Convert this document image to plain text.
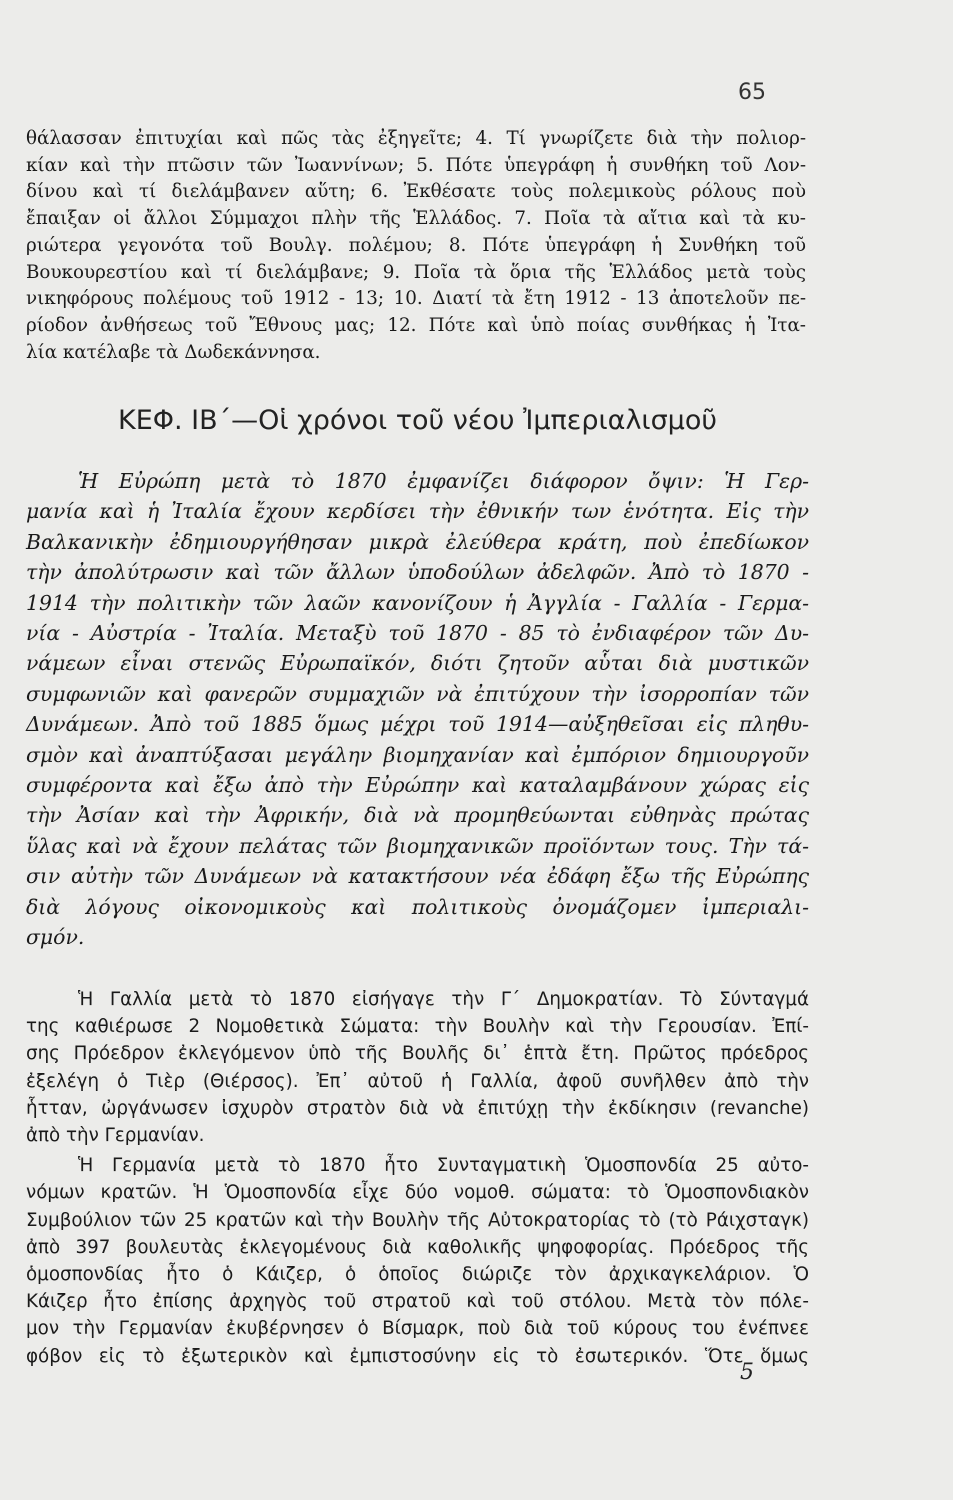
65
θάλασσαν ἐπιτυχίαι καὶ πῶς τὰς ἐξηγεῖτε; 4. Τί γνωρίζετε διὰ τὴν πολιορ-
κίαν καὶ τὴν πτῶσιν τῶν Ἰωαννίνων; 5. Πότε ὑπεγράφη ἡ συνθήκη τοῦ Λον-
δίνου καὶ τί διελάμβανεν αὕτη; 6. Ἐκθέσατε τοὺς πολεμικοὺς ρόλους ποὺ
ἔπαιξαν οἱ ἄλλοι Σύμμαχοι πλὴν τῆς Ἑλλάδος. 7. Ποῖα τὰ αἴτια καὶ τὰ κυ-
ριώτερα γεγονότα τοῦ Βουλγ. πολέμου; 8. Πότε ὑπεγράφη ἡ Συνθήκη τοῦ
Βουκουρεστίου καὶ τί διελάμβανε; 9. Ποῖα τὰ ὅρια τῆς Ἑλλάδος μετὰ τοὺς
νικηφόρους πολέμους τοῦ 1912 - 13; 10. Διατί τὰ ἔτη 1912 - 13 ἀποτελοῦν πε-
ρίοδον ἀνθήσεως τοῦ Ἔθνους μας; 12. Πότε καὶ ὑπὸ ποίας συνθήκας ἡ Ἰτα-
λία κατέλαβε τὰ Δωδεκάννησα.
ΚΕΦ. ΙΒ΄—Οἱ χρόνοι τοῦ νέου Ἰμπεριαλισμοῦ
Ἡ Εὐρώπη μετὰ τὸ 1870 ἐμφανίζει διάφορον ὄψιν: Ἡ Γερ-
μανία καὶ ἡ Ἰταλία ἔχουν κερδίσει τὴν ἐθνικήν των ἑνότητα. Εἰς τὴν
Βαλκανικὴν ἐδημιουργήθησαν μικρὰ ἐλεύθερα κράτη, ποὺ ἐπεδίωκον
τὴν ἀπολύτρωσιν καὶ τῶν ἄλλων ὑποδούλων ἀδελφῶν. Ἀπὸ τὸ 1870 -
1914 τὴν πολιτικὴν τῶν λαῶν κανονίζουν ἡ Ἀγγλία - Γαλλία - Γερμα-
νία - Αὐστρία - Ἰταλία. Μεταξὺ τοῦ 1870 - 85 τὸ ἐνδιαφέρον τῶν Δυ-
νάμεων εἶναι στενῶς Εὐρωπαϊκόν, διότι ζητοῦν αὗται διὰ μυστικῶν
συμφωνιῶν καὶ φανερῶν συμμαχιῶν νὰ ἐπιτύχουν τὴν ἰσορροπίαν τῶν
Δυνάμεων. Ἀπὸ τοῦ 1885 ὅμως μέχρι τοῦ 1914—αὐξηθεῖσαι εἰς πληθυ-
σμὸν καὶ ἀναπτύξασαι μεγάλην βιομηχανίαν καὶ ἐμπόριον δημιουργοῦν
συμφέροντα καὶ ἔξω ἀπὸ τὴν Εὐρώπην καὶ καταλαμβάνουν χώρας εἰς
τὴν Ἀσίαν καὶ τὴν Ἀφρικήν, διὰ νὰ προμηθεύωνται εὐθηνὰς πρώτας
ὕλας καὶ νὰ ἔχουν πελάτας τῶν βιομηχανικῶν προϊόντων τους. Τὴν τά-
σιν αὐτὴν τῶν Δυνάμεων νὰ κατακτήσουν νέα ἐδάφη ἔξω τῆς Εὐρώπης
διὰ λόγους οἰκονομικοὺς καὶ πολιτικοὺς ὀνομάζομεν ἰμπεριαλι-
σμόν.
Ἡ Γαλλία μετὰ τὸ 1870 εἰσήγαγε τὴν Γ΄ Δημοκρατίαν. Τὸ Σύνταγμά
της καθιέρωσε 2 Νομοθετικὰ Σώματα: τὴν Βουλὴν καὶ τὴν Γερουσίαν. Ἐπί-
σης Πρόεδρον ἐκλεγόμενον ὑπὸ τῆς Βουλῆς δι᾽ ἑπτὰ ἔτη. Πρῶτος πρόεδρος
ἐξελέγη ὁ Τιὲρ (Θιέρσος). Ἐπ᾽ αὐτοῦ ἡ Γαλλία, ἀφοῦ συνῆλθεν ἀπὸ τὴν
ἧτταν, ὠργάνωσεν ἰσχυρὸν στρατὸν διὰ νὰ ἐπιτύχῃ τὴν ἐκδίκησιν (revanche)
ἀπὸ τὴν Γερμανίαν.
Ἡ Γερμανία μετὰ τὸ 1870 ἦτο Συνταγματικὴ Ὁμοσπονδία 25 αὐτο-
νόμων κρατῶν. Ἡ Ὁμοσπονδία εἶχε δύο νομοθ. σώματα: τὸ Ὁμοσπονδιακὸν
Συμβούλιον τῶν 25 κρατῶν καὶ τὴν Βουλὴν τῆς Αὐτοκρατορίας τὸ (τὸ Ράιχσταγκ)
ἀπὸ 397 βουλευτὰς ἐκλεγομένους διὰ καθολικῆς ψηφοφορίας. Πρόεδρος τῆς
ὁμοσπονδίας ἦτο ὁ Κάιζερ, ὁ ὁποῖος διώριζε τὸν ἀρχικαγκελάριον. Ὁ
Κάιζερ ἦτο ἐπίσης ἀρχηγὸς τοῦ στρατοῦ καὶ τοῦ στόλου. Μετὰ τὸν πόλε-
μον τὴν Γερμανίαν ἐκυβέρνησεν ὁ Βίσμαρκ, ποὺ διὰ τοῦ κύρους του ἐνέπνεε
φόβον εἰς τὸ ἐξωτερικὸν καὶ ἐμπιστοσύνην εἰς τὸ ἐσωτερικόν. Ὅτε ὅμως
5
